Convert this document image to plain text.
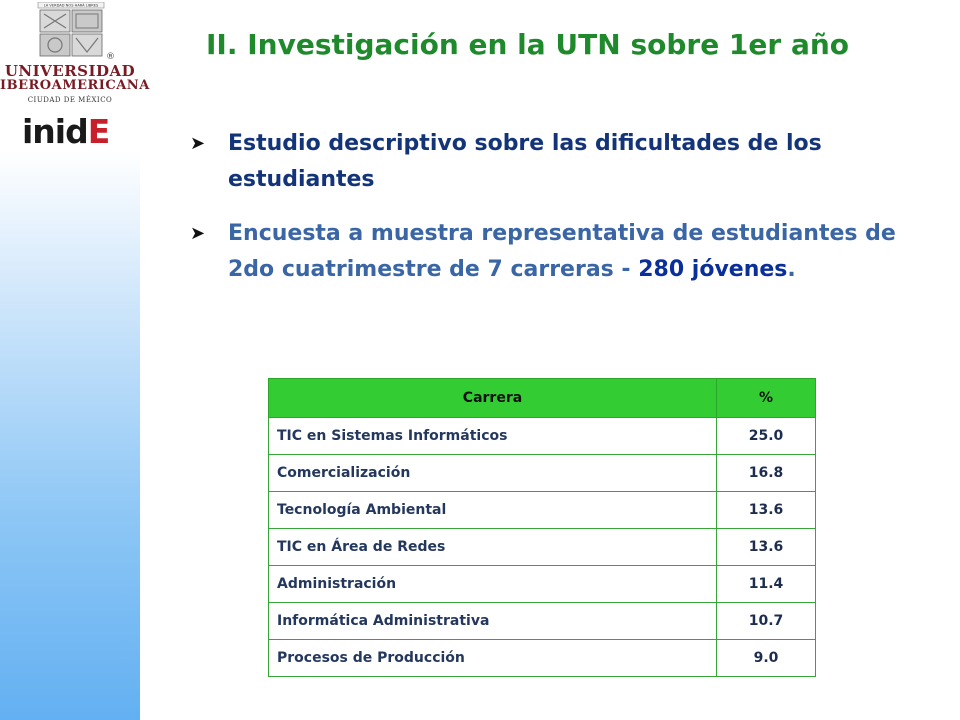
LA VERDAD NOS HARÁ LIBRES
®
UNIVERSIDAD
IBEROAMERICANA
CIUDAD DE MÉXICO
inidE
II. Investigación en la UTN sobre 1er año
➤ Estudio descriptivo sobre las dificultades de los estudiantes
➤ Encuesta a muestra representativa de estudiantes de 2do cuatrimestre de 7 carreras - 280 jóvenes.
Carrera	%
TIC en Sistemas Informáticos	25.0
Comercialización	16.8
Tecnología Ambiental	13.6
TIC en Área de Redes	13.6
Administración	11.4
Informática Administrativa	10.7
Procesos de Producción	9.0
